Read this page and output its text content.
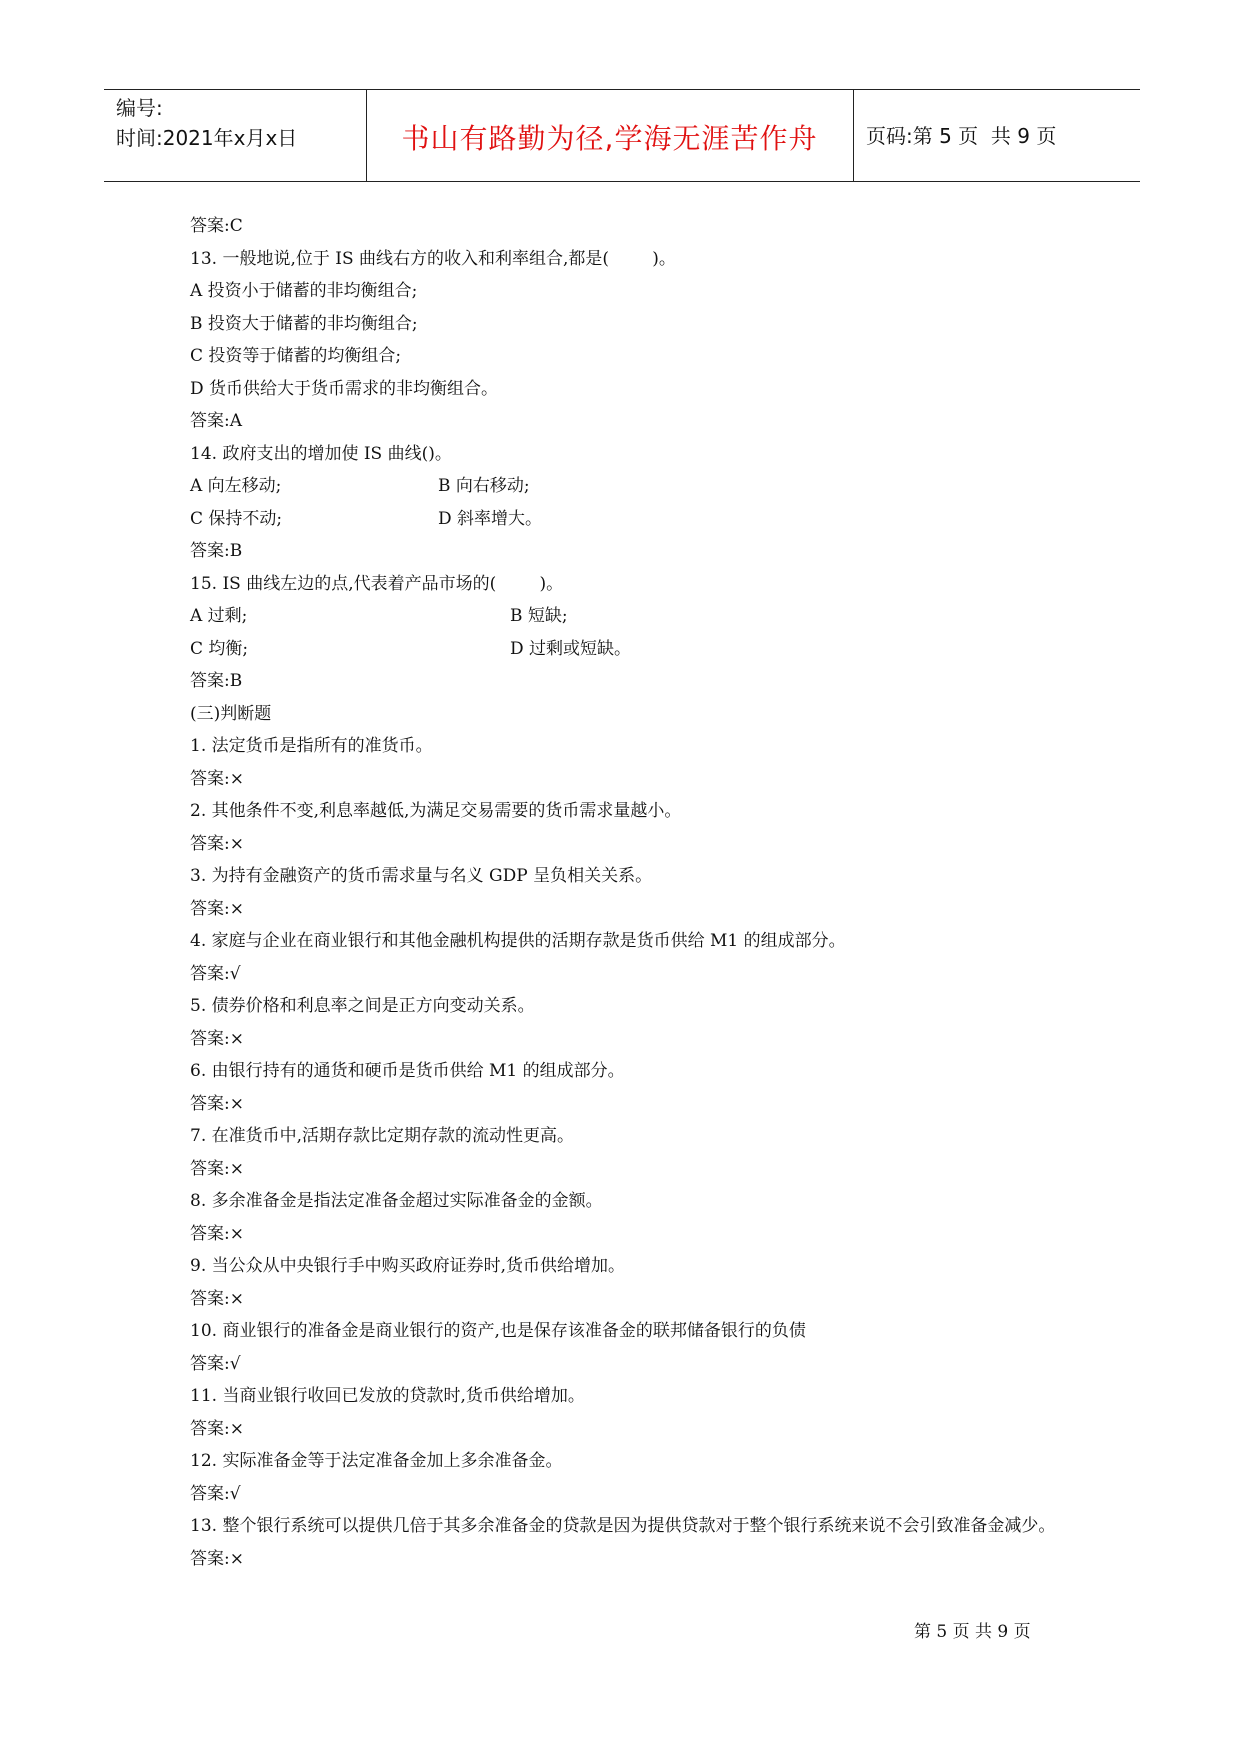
编号:
时间:2021年x月x日	书山有路勤为径,学海无涯苦作舟	页码:第 5 页  共 9 页
答案:C
13. 一般地说,位于 IS 曲线右方的收入和利率组合,都是(        )。
A 投资小于储蓄的非均衡组合;
B 投资大于储蓄的非均衡组合;
C 投资等于储蓄的均衡组合;
D 货币供给大于货币需求的非均衡组合。
答案:A
14. 政府支出的增加使 IS 曲线()。
A 向左移动;	B 向右移动;
C 保持不动;	D 斜率增大。
答案:B
15. IS 曲线左边的点,代表着产品市场的(        )。
A 过剩;	B 短缺;
C 均衡;	D 过剩或短缺。
答案:B
(三)判断题
1. 法定货币是指所有的准货币。
答案:×
2. 其他条件不变,利息率越低,为满足交易需要的货币需求量越小。
答案:×
3. 为持有金融资产的货币需求量与名义 GDP 呈负相关关系。
答案:×
4. 家庭与企业在商业银行和其他金融机构提供的活期存款是货币供给 M1 的组成部分。
答案:√
5. 债券价格和利息率之间是正方向变动关系。
答案:×
6. 由银行持有的通货和硬币是货币供给 M1 的组成部分。
答案:×
7. 在准货币中,活期存款比定期存款的流动性更高。
答案:×
8. 多余准备金是指法定准备金超过实际准备金的金额。
答案:×
9. 当公众从中央银行手中购买政府证券时,货币供给增加。
答案:×
10. 商业银行的准备金是商业银行的资产,也是保存该准备金的联邦储备银行的负债
答案:√
11. 当商业银行收回已发放的贷款时,货币供给增加。
答案:×
12. 实际准备金等于法定准备金加上多余准备金。
答案:√
13. 整个银行系统可以提供几倍于其多余准备金的贷款是因为提供贷款对于整个银行系统来说不会引致准备金减少。
答案:×
第 5 页 共 9 页
